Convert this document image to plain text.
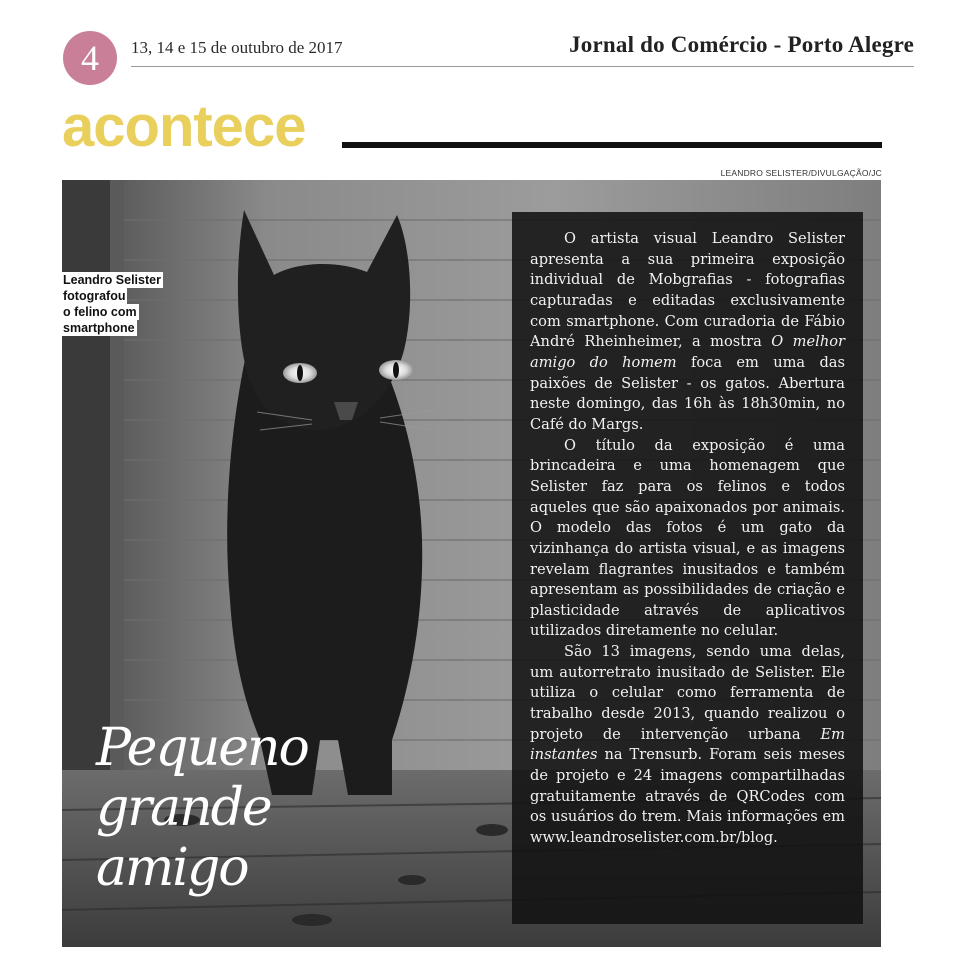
4	13, 14 e 15 de outubro de 2017	Jornal do Comércio - Porto Alegre
acontece
LEANDRO SELISTER/DIVULGAÇÃO/JC
Leandro Selister
fotografou
o felino com
smartphone
Pequeno
grande
amigo

O artista visual Leandro Selister apresenta a sua primeira exposição individual de Mobgrafias - fotografias capturadas e editadas exclusivamente com smartphone. Com curadoria de Fábio André Rheinheimer, a mostra O melhor amigo do homem foca em uma das paixões de Selister - os gatos. Abertura neste domingo, das 16h às 18h30min, no Café do Margs.

O título da exposição é uma brincadeira e uma homenagem que Selister faz para os felinos e todos aqueles que são apaixonados por animais. O modelo das fotos é um gato da vizinhança do artista visual, e as imagens revelam flagrantes inusitados e também apresentam as possibilidades de criação e plasticidade através de aplicativos utilizados diretamente no celular.

São 13 imagens, sendo uma delas, um autorretrato inusitado de Selister. Ele utiliza o celular como ferramenta de trabalho desde 2013, quando realizou o projeto de intervenção urbana Em instantes na Trensurb. Foram seis meses de projeto e 24 imagens compartilhadas gratuitamente através de QRCodes com os usuários do trem. Mais informações em www.leandroselister.com.br/blog.
